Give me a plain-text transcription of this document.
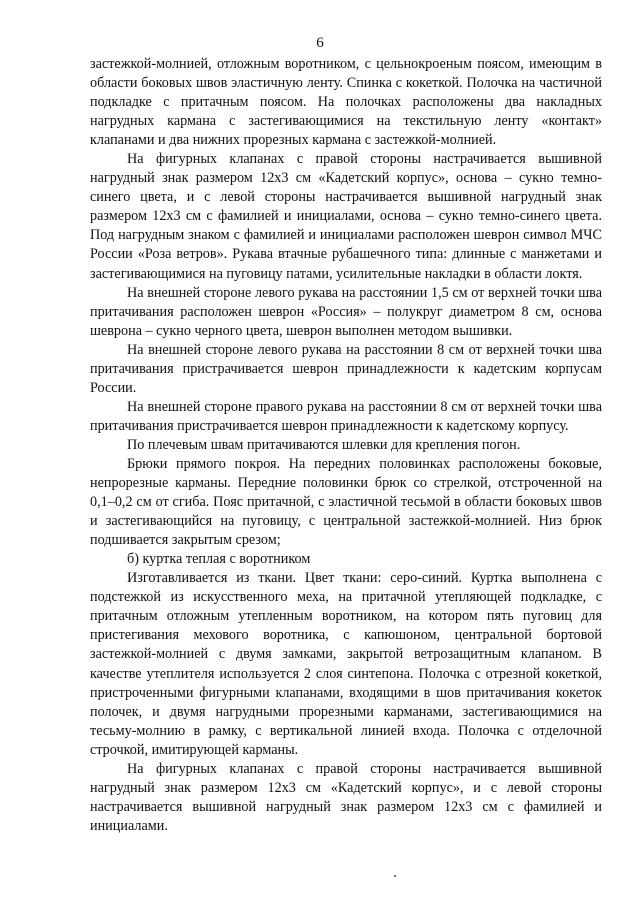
6

застежкой-молнией, отложным воротником, с цельнокроеным поясом, имеющим в области боковых швов эластичную ленту. Спинка с кокеткой. Полочка на частичной подкладке с притачным поясом. На полочках расположены два накладных нагрудных кармана с застегивающимися на текстильную ленту «контакт» клапанами и два нижних прорезных кармана с застежкой-молнией.

На фигурных клапанах с правой стороны настрачивается вышивной нагрудный знак размером 12х3 см «Кадетский корпус», основа – сукно темно-синего цвета, и с левой стороны настрачивается вышивной нагрудный знак размером 12х3 см с фамилией и инициалами, основа – сукно темно-синего цвета. Под нагрудным знаком с фамилией и инициалами расположен шеврон символ МЧС России «Роза ветров». Рукава втачные рубашечного типа: длинные с манжетами и застегивающимися на пуговицу патами, усилительные накладки в области локтя.

На внешней стороне левого рукава на расстоянии 1,5 см от верхней точки шва притачивания расположен шеврон «Россия» – полукруг диаметром 8 см, основа шеврона – сукно черного цвета, шеврон выполнен методом вышивки.

На внешней стороне левого рукава на расстоянии 8 см от верхней точки шва притачивания пристрачивается шеврон принадлежности к кадетским корпусам России.

На внешней стороне правого рукава на расстоянии 8 см от верхней точки шва притачивания пристрачивается шеврон принадлежности к кадетскому корпусу.

По плечевым швам притачиваются шлевки для крепления погон.

Брюки прямого покроя. На передних половинках расположены боковые, непрорезные карманы. Передние половинки брюк со стрелкой, отстроченной на 0,1–0,2 см от сгиба. Пояс притачной, с эластичной тесьмой в области боковых швов и застегивающийся на пуговицу, с центральной застежкой-молнией. Низ брюк подшивается закрытым срезом;

б) куртка теплая с воротником

Изготавливается из ткани. Цвет ткани: серо-синий. Куртка выполнена с подстежкой из искусственного меха, на притачной утепляющей подкладке, с притачным отложным утепленным воротником, на котором пять пуговиц для пристегивания мехового воротника, с капюшоном, центральной бортовой застежкой-молнией с двумя замками, закрытой ветрозащитным клапаном. В качестве утеплителя используется 2 слоя синтепона. Полочка с отрезной кокеткой, пристроченными фигурными клапанами, входящими в шов притачивания кокеток полочек, и двумя нагрудными прорезными карманами, застегивающимися на тесьму-молнию в рамку, с вертикальной линией входа. Полочка с отделочной строчкой, имитирующей карманы.

На фигурных клапанах с правой стороны настрачивается вышивной нагрудный знак размером 12х3 см «Кадетский корпус», и с левой стороны настрачивается вышивной нагрудный знак размером 12х3 см с фамилией и инициалами.
